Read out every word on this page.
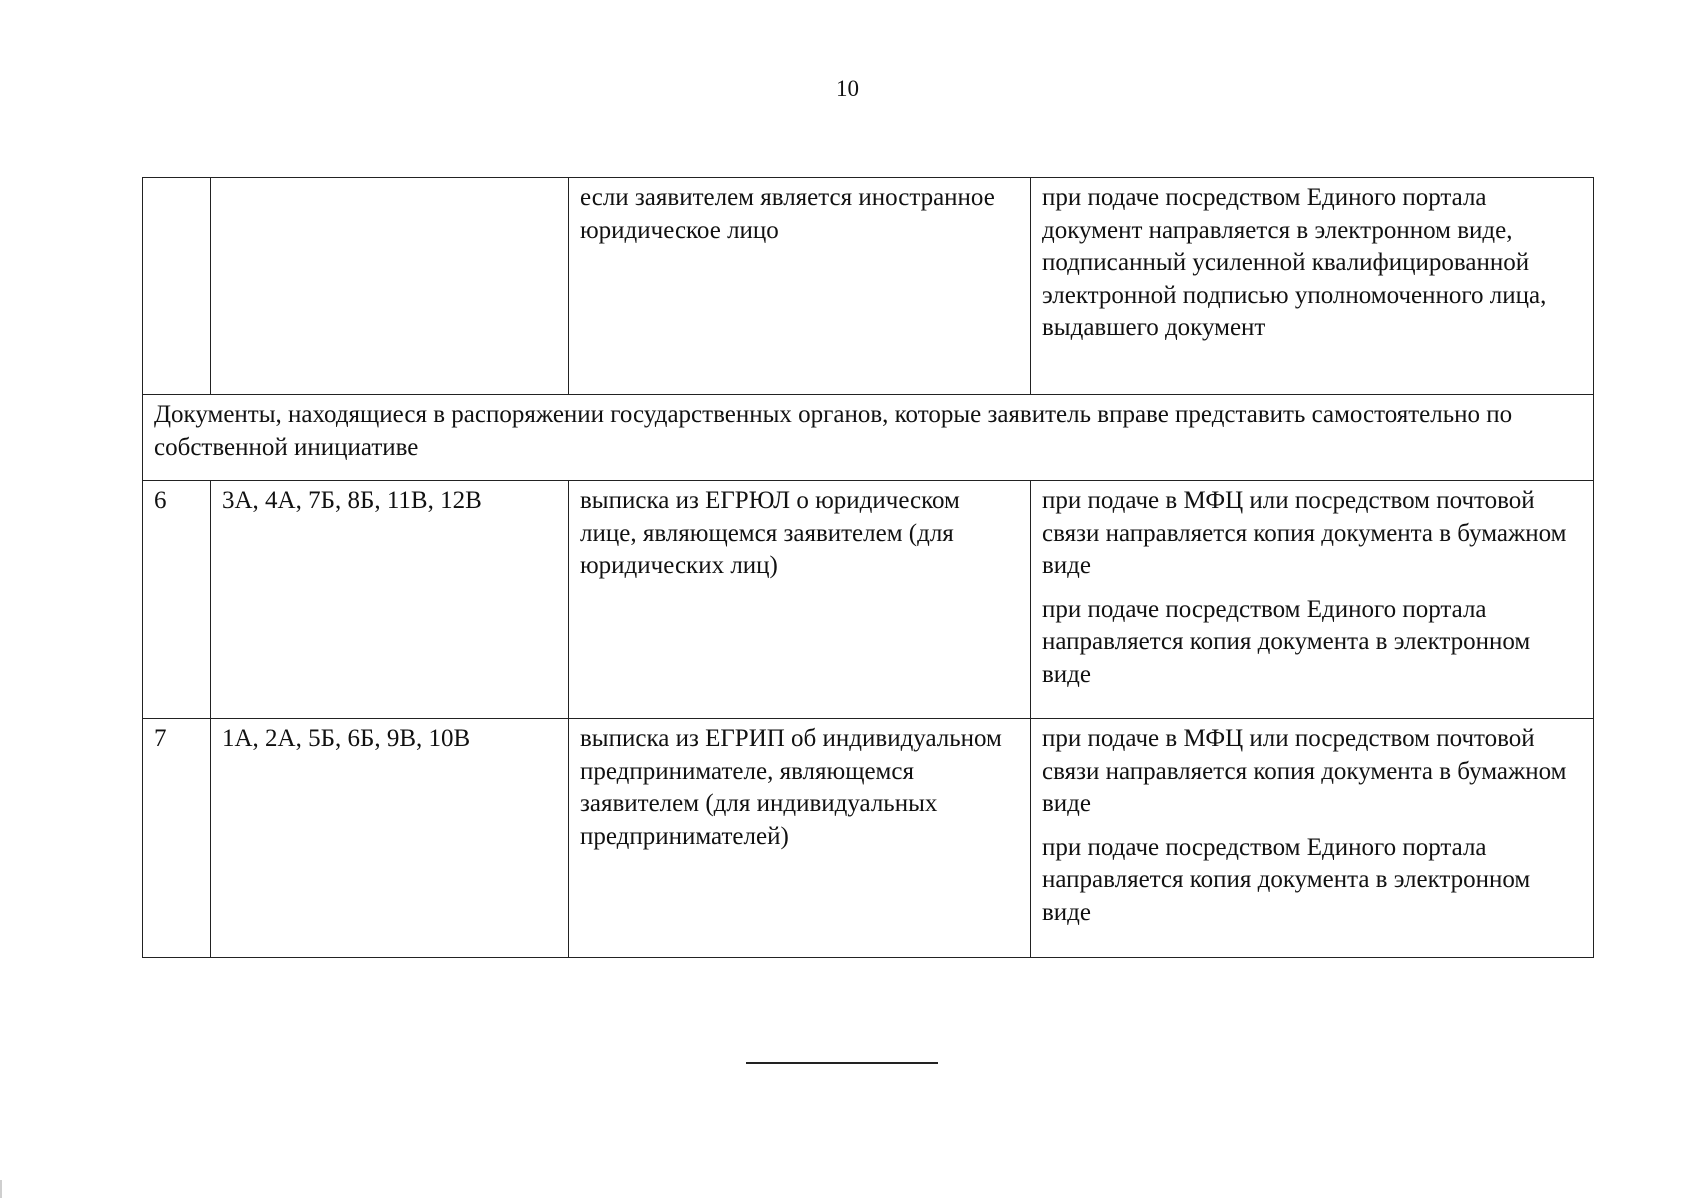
10
		если заявителем является иностранное юридическое лицо	при подаче посредством Единого портала документ направляется в электронном виде, подписанный усиленной квалифицированной электронной подписью уполномоченного лица, выдавшего документ

Документы, находящиеся в распоряжении государственных органов, которые заявитель вправе представить самостоятельно по собственной инициативе			
6	3А, 4А, 7Б, 8Б, 11В, 12В	выписка из ЕГРЮЛ о юридическом лице, являющемся заявителем (для юридических лиц)	при подаче в МФЦ или посредством почтовой связи направляется копия документа в бумажном виде
при подаче посредством Единого портала направляется копия документа в электронном виде

7	1А, 2А, 5Б, 6Б, 9В, 10В	выписка из ЕГРИП об индивидуальном предпринимателе, являющемся заявителем (для индивидуальных предпринимателей)	при подаче в МФЦ или посредством почтовой связи направляется копия документа в бумажном виде
при подаче посредством Единого портала направляется копия документа в электронном виде
